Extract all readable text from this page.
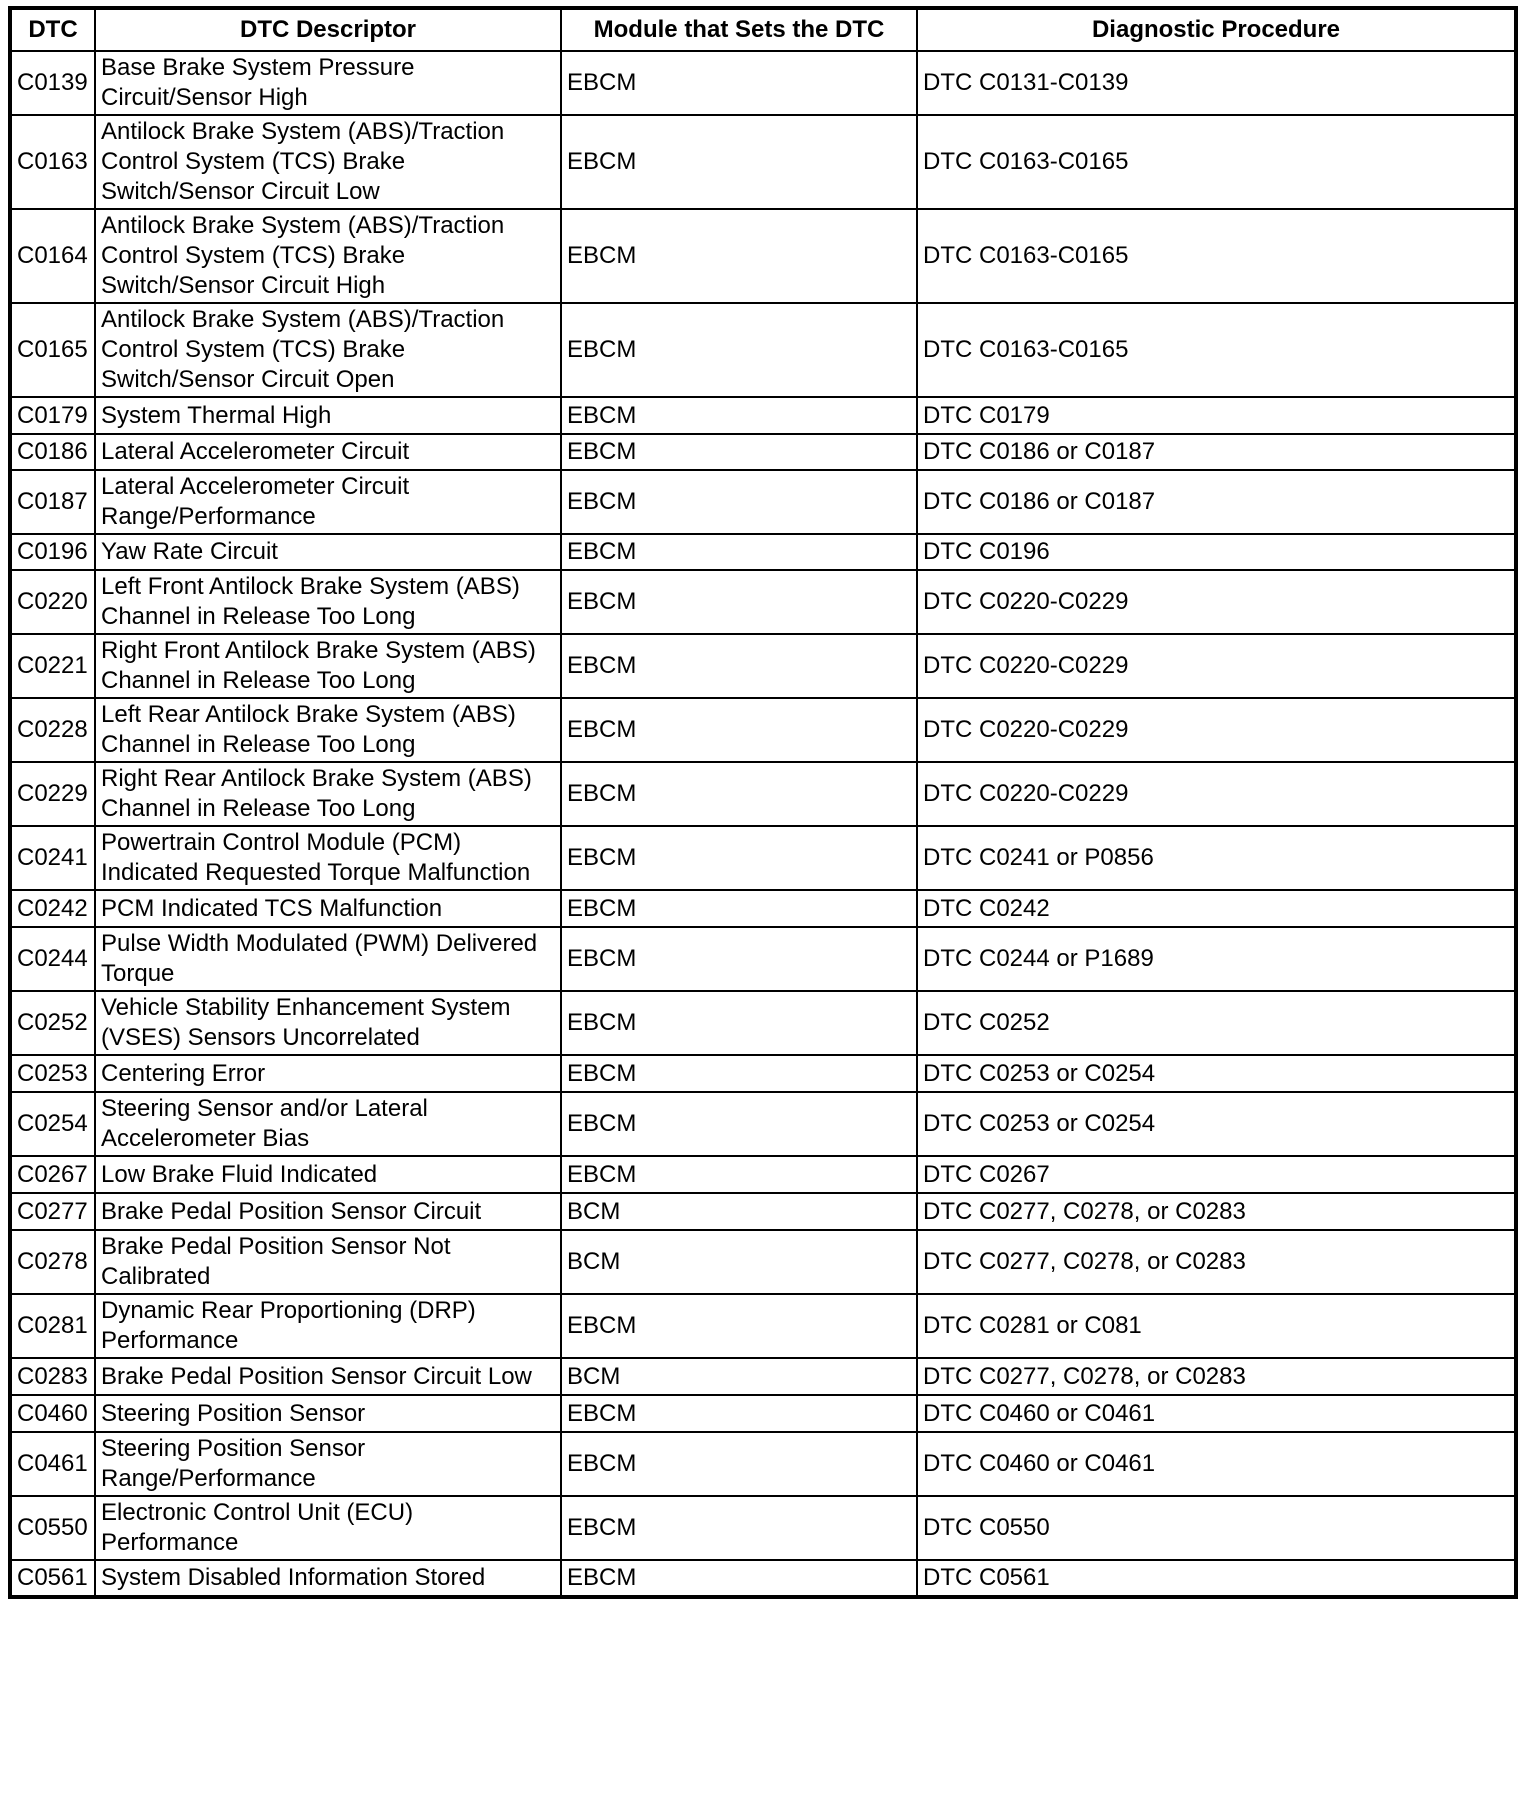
DTC	DTC Descriptor	Module that Sets the DTC	Diagnostic Procedure
C0139	Base Brake System Pressure Circuit/Sensor High	EBCM	DTC C0131-C0139
C0163	Antilock Brake System (ABS)/Traction Control System (TCS) Brake Switch/Sensor Circuit Low	EBCM	DTC C0163-C0165
C0164	Antilock Brake System (ABS)/Traction Control System (TCS) Brake Switch/Sensor Circuit High	EBCM	DTC C0163-C0165
C0165	Antilock Brake System (ABS)/Traction Control System (TCS) Brake Switch/Sensor Circuit Open	EBCM	DTC C0163-C0165
C0179	System Thermal High	EBCM	DTC C0179
C0186	Lateral Accelerometer Circuit	EBCM	DTC C0186 or C0187
C0187	Lateral Accelerometer Circuit Range/Performance	EBCM	DTC C0186 or C0187
C0196	Yaw Rate Circuit	EBCM	DTC C0196
C0220	Left Front Antilock Brake System (ABS) Channel in Release Too Long	EBCM	DTC C0220-C0229
C0221	Right Front Antilock Brake System (ABS) Channel in Release Too Long	EBCM	DTC C0220-C0229
C0228	Left Rear Antilock Brake System (ABS) Channel in Release Too Long	EBCM	DTC C0220-C0229
C0229	Right Rear Antilock Brake System (ABS) Channel in Release Too Long	EBCM	DTC C0220-C0229
C0241	Powertrain Control Module (PCM) Indicated Requested Torque Malfunction	EBCM	DTC C0241 or P0856
C0242	PCM Indicated TCS Malfunction	EBCM	DTC C0242
C0244	Pulse Width Modulated (PWM) Delivered Torque	EBCM	DTC C0244 or P1689
C0252	Vehicle Stability Enhancement System (VSES) Sensors Uncorrelated	EBCM	DTC C0252
C0253	Centering Error	EBCM	DTC C0253 or C0254
C0254	Steering Sensor and/or Lateral Accelerometer Bias	EBCM	DTC C0253 or C0254
C0267	Low Brake Fluid Indicated	EBCM	DTC C0267
C0277	Brake Pedal Position Sensor Circuit	BCM	DTC C0277, C0278, or C0283
C0278	Brake Pedal Position Sensor Not Calibrated	BCM	DTC C0277, C0278, or C0283
C0281	Dynamic Rear Proportioning (DRP) Performance	EBCM	DTC C0281 or C081
C0283	Brake Pedal Position Sensor Circuit Low	BCM	DTC C0277, C0278, or C0283
C0460	Steering Position Sensor	EBCM	DTC C0460 or C0461
C0461	Steering Position Sensor Range/Performance	EBCM	DTC C0460 or C0461
C0550	Electronic Control Unit (ECU) Performance	EBCM	DTC C0550
C0561	System Disabled Information Stored	EBCM	DTC C0561
